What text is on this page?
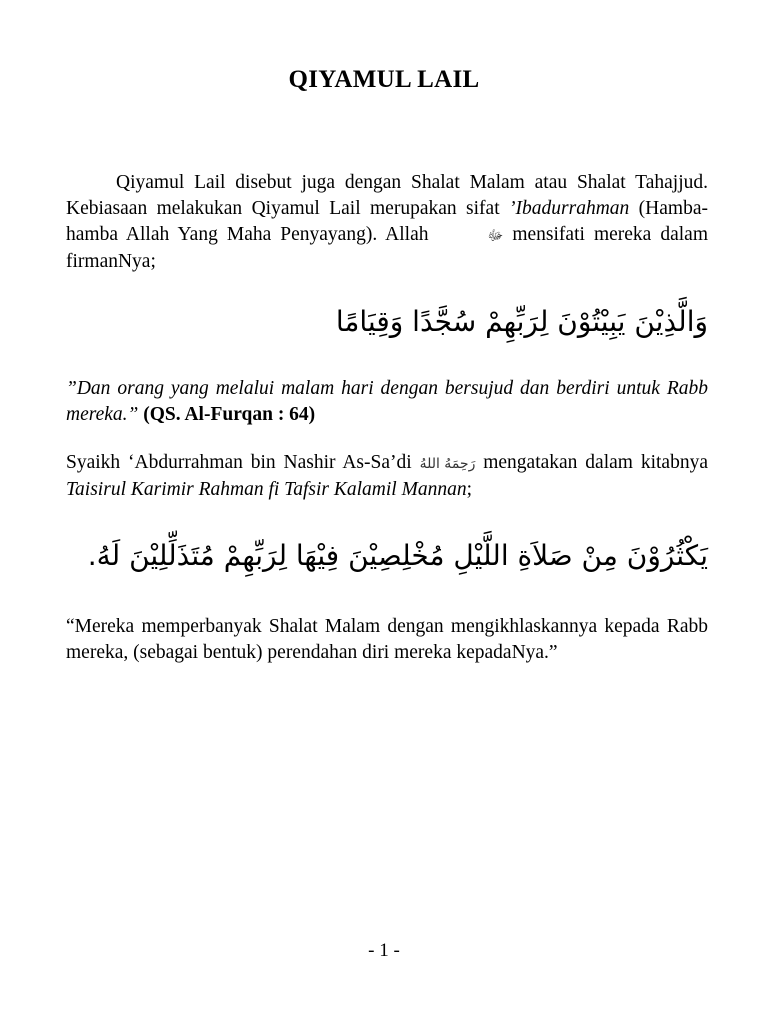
QIYAMUL LAIL

Qiyamul Lail disebut juga dengan Shalat Malam atau Shalat Tahajjud. Kebiasaan melakukan Qiyamul Lail merupakan sifat ’Ibadurrahman (Hamba-hamba Allah Yang Maha Penyayang). Allah	ﷻ mensifati mereka dalam firmanNya;

وَالَّذِيْنَ يَبِيْتُوْنَ لِرَبِّهِمْ سُجَّدًا وَقِيَامًا

”Dan orang yang melalui malam hari dengan bersujud dan berdiri untuk Rabb mereka.” (QS. Al-Furqan : 64)

Syaikh ‘Abdurrahman bin Nashir As-Sa’di رَحِمَهُ اللهُ mengatakan dalam kitabnya Taisirul Karimir Rahman fi Tafsir Kalamil Mannan;

يَكْثُرُوْنَ مِنْ صَلاَةِ اللَّيْلِ مُخْلِصِيْنَ فِيْهَا لِرَبِّهِمْ مُتَذَلِّلِيْنَ لَهُ.

“Mereka memperbanyak Shalat Malam dengan mengikhlaskannya kepada Rabb mereka, (sebagai bentuk) perendahan diri mereka kepadaNya.”

- 1 -
